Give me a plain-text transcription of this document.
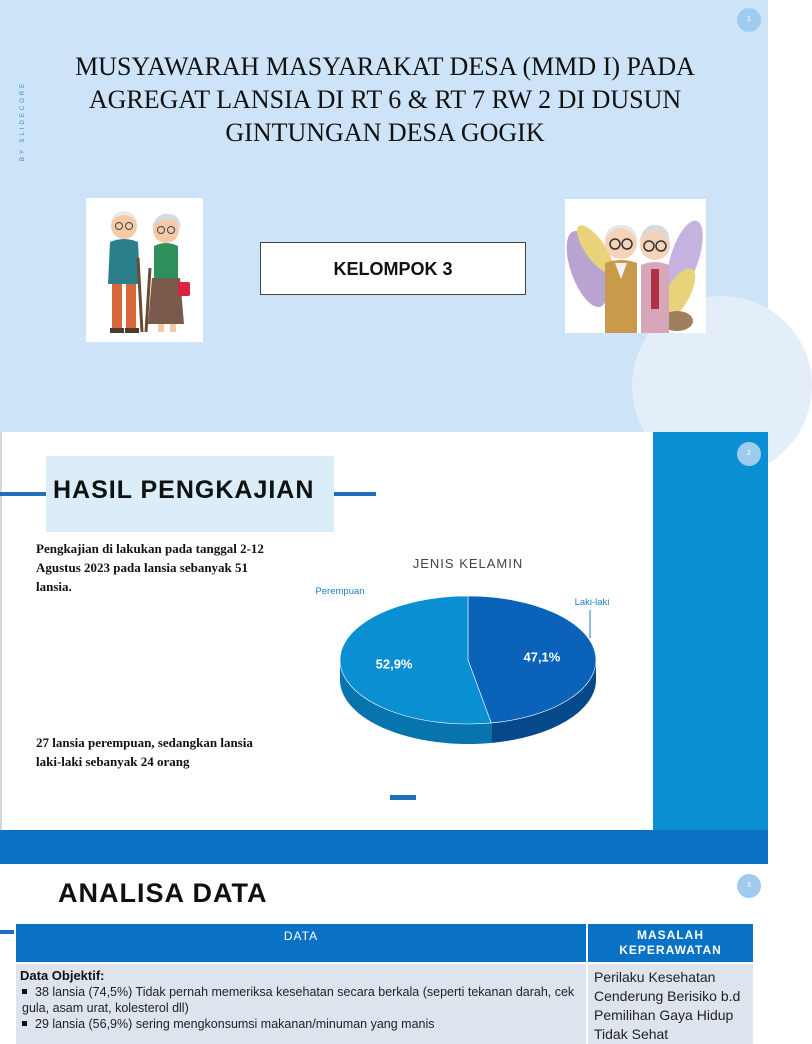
BY SLIDECORE
1
MUSYAWARAH MASYARAKAT DESA (MMD I) PADA AGREGAT LANSIA DI RT 6 & RT 7 RW 2 DI DUSUN GINTUNGAN DESA GOGIK
KELOMPOK 3
2
HASIL PENGKAJIAN

Pengkajian di lakukan pada tanggal 2-12 Agustus 2023 pada lansia sebanyak 51 lansia.

27 lansia perempuan, sedangkan lansia laki-laki sebanyak 24 orang

JENIS KELAMIN
47,1%
52,9%
Perempuan
Laki-laki
3
ANALISA DATA
DATA	MASALAH KEPERAWATAN
Data Objektif:
38 lansia (74,5%) Tidak pernah memeriksa kesehatan secara berkala (seperti tekanan darah, cek gula, asam urat, kolesterol dll)
29 lansia (56,9%) sering mengkonsumsi makanan/minuman yang manis
Perilaku Kesehatan Cenderung Berisiko b.d Pemilihan Gaya Hidup Tidak Sehat
